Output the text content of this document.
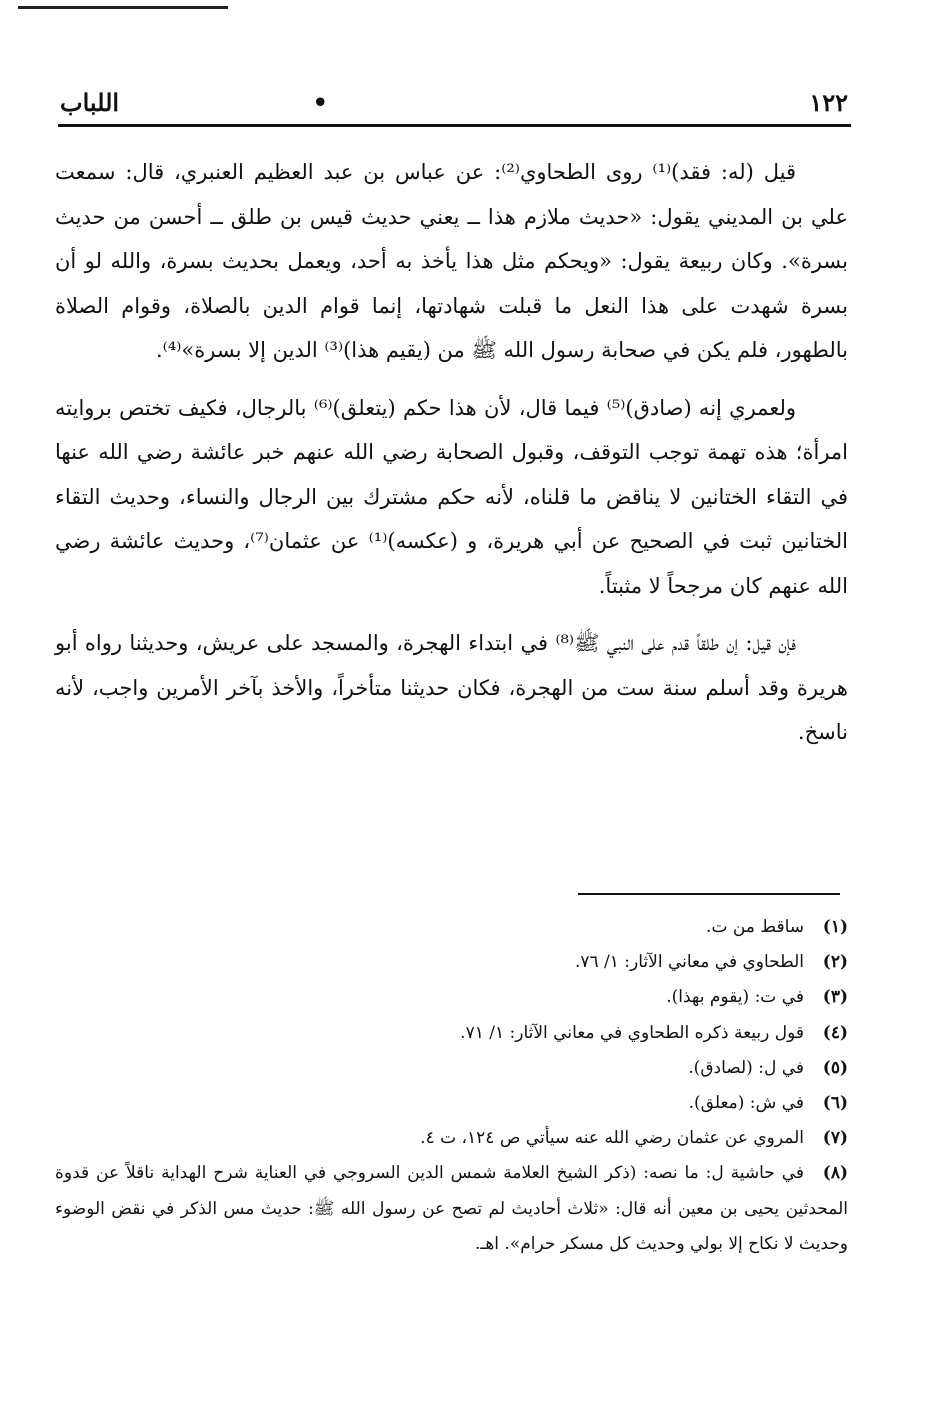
١٢٢
•
اللباب

قيل (له: فقد)⁽¹⁾ روى الطحاوي⁽²⁾: عن عباس بن عبد العظيم العنبري، قال: سمعت علي بن المديني يقول: «حديث ملازم هذا ــ يعني حديث قيس بن طلق ــ أحسن من حديث بسرة». وكان ربيعة يقول: «ويحكم مثل هذا يأخذ به أحد، ويعمل بحديث بسرة، والله لو أن بسرة شهدت على هذا النعل ما قبلت شهادتها، إنما قوام الدين بالصلاة، وقوام الصلاة بالطهور، فلم يكن في صحابة رسول الله ﷺ من (يقيم هذا)⁽³⁾ الدين إلا بسرة»⁽⁴⁾.

ولعمري إنه (صادق)⁽⁵⁾ فيما قال، لأن هذا حكم (يتعلق)⁽⁶⁾ بالرجال، فكيف تختص بروايته امرأة؛ هذه تهمة توجب التوقف، وقبول الصحابة رضي الله عنهم خبر عائشة رضي الله عنها في التقاء الختانين لا يناقض ما قلناه، لأنه حكم مشترك بين الرجال والنساء، وحديث التقاء الختانين ثبت في الصحيح عن أبي هريرة، و (عكسه)⁽¹⁾ عن عثمان⁽⁷⁾، وحديث عائشة رضي الله عنهم كان مرجحاً لا مثبتاً.

فإن قيل: إن طلقاً قدم على النبي ﷺ⁽⁸⁾ في ابتداء الهجرة، والمسجد على عريش، وحديثنا رواه أبو هريرة وقد أسلم سنة ست من الهجرة، فكان حديثنا متأخراً، والأخذ بآخر الأمرين واجب، لأنه ناسخ.

(١)ساقط من ت.

(٢)الطحاوي في معاني الآثار: ١/ ٧٦.

(٣)في ت: (يقوم بهذا).

(٤)قول ربيعة ذكره الطحاوي في معاني الآثار: ١/ ٧١.

(٥)في ل: (لصادق).

(٦)في ش: (معلق).

(٧)المروي عن عثمان رضي الله عنه سيأتي ص ١٢٤، ت ٤.

(٨)في حاشية ل: ما نصه: (ذكر الشيخ العلامة شمس الدين السروجي في العناية شرح الهداية ناقلاً عن قدوة المحدثين يحيى بن معين أنه قال: «ثلاث أحاديث لم تصح عن رسول الله ﷺ: حديث مس الذكر في نقض الوضوء وحديث لا نكاح إلا بولي وحديث كل مسكر حرام». اهـ.
